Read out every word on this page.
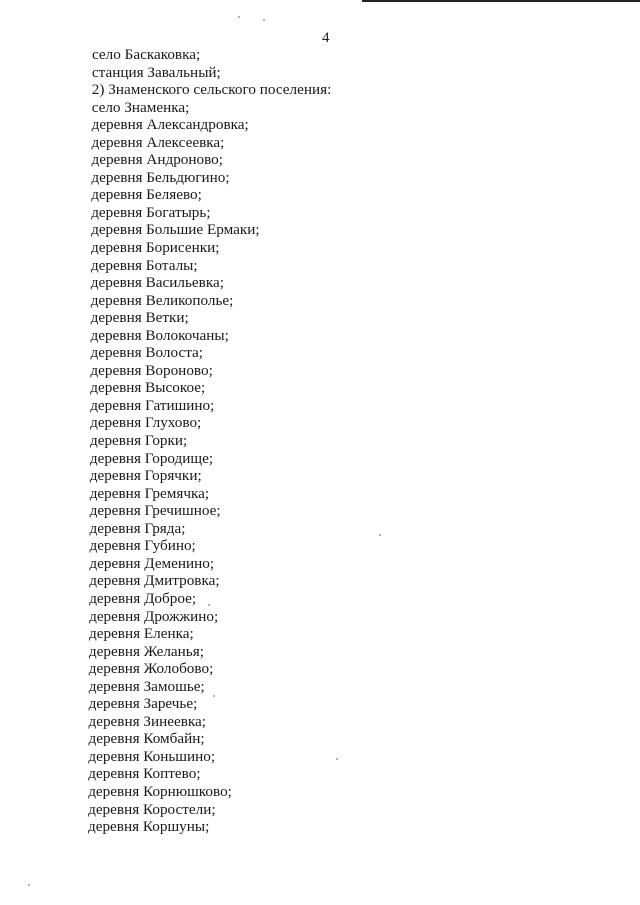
4
село Баскаковка;
станция Завальный;
2) Знаменского сельского поселения:
село Знаменка;
деревня Александровка;
деревня Алексеевка;
деревня Андроново;
деревня Бельдюгино;
деревня Беляево;
деревня Богатырь;
деревня Большие Ермаки;
деревня Борисенки;
деревня Боталы;
деревня Васильевка;
деревня Великополье;
деревня Ветки;
деревня Волокочаны;
деревня Волоста;
деревня Вороново;
деревня Высокое;
деревня Гатишино;
деревня Глухово;
деревня Горки;
деревня Городище;
деревня Горячки;
деревня Гремячка;
деревня Гречишное;
деревня Гряда;
деревня Губино;
деревня Деменино;
деревня Дмитровка;
деревня Доброе;
деревня Дрожжино;
деревня Еленка;
деревня Желанья;
деревня Жолобово;
деревня Замошье;
деревня Заречье;
деревня Зинеевка;
деревня Комбайн;
деревня Коньшино;
деревня Коптево;
деревня Корнюшково;
деревня Коростели;
деревня Коршуны;
